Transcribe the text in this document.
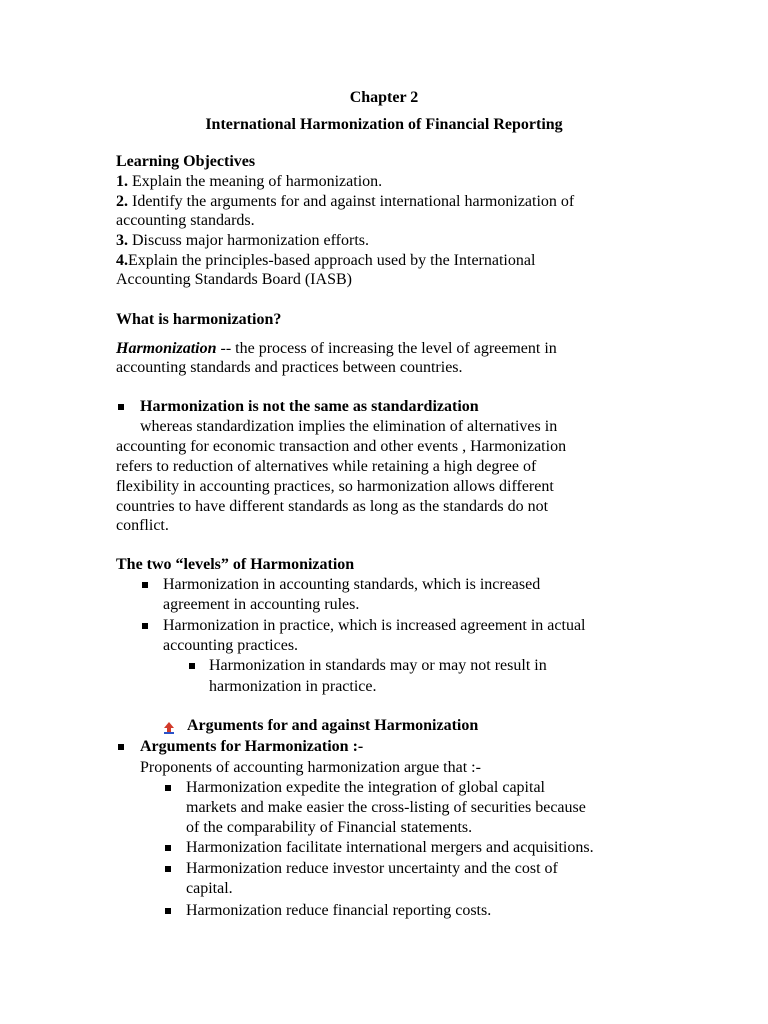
Chapter 2
International Harmonization of Financial Reporting
Learning Objectives
1. Explain the meaning of harmonization.
2. Identify the arguments for and against international harmonization of
accounting standards.
3. Discuss major harmonization efforts.
4.Explain the principles-based approach used by the International
Accounting Standards Board (IASB)
What is harmonization?
Harmonization -- the process of increasing the level of agreement in
accounting standards and practices between countries.
Harmonization is not the same as standardization
whereas standardization implies the elimination of alternatives in
accounting for economic transaction and other events , Harmonization
refers to reduction of alternatives while retaining a high degree of
flexibility in accounting practices, so harmonization allows different
countries to have different standards as long as the standards do not
conflict.
The two “levels” of Harmonization
Harmonization in accounting standards, which is increased
agreement in accounting rules.
Harmonization in practice, which is increased agreement in actual
accounting practices.
Harmonization in standards may or may not result in
harmonization in practice.
Arguments for and against Harmonization
Arguments for Harmonization :-
Proponents of accounting harmonization argue that :-
Harmonization expedite the integration of global capital
markets and make easier the cross-listing of securities because
of the comparability of Financial statements.
Harmonization facilitate international mergers and acquisitions.
Harmonization reduce investor uncertainty and the cost of
capital.
Harmonization reduce financial reporting costs.
